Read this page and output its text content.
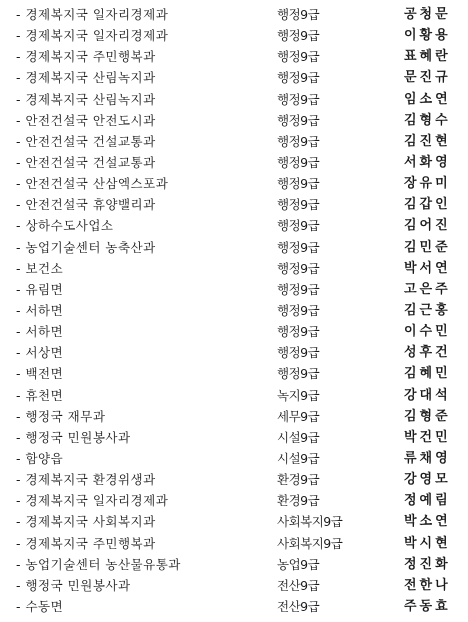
- 경제복지국 일자리경제과	행정9급	공청문
- 경제복지국 일자리경제과	행정9급	이황용
- 경제복지국 주민행복과	행정9급	표혜란
- 경제복지국 산림녹지과	행정9급	문진규
- 경제복지국 산림녹지과	행정9급	임소연
- 안전건설국 안전도시과	행정9급	김형수
- 안전건설국 건설교통과	행정9급	김진현
- 안전건설국 건설교통과	행정9급	서화영
- 안전건설국 산삼엑스포과	행정9급	장유미
- 안전건설국 휴양밸리과	행정9급	김갑인
- 상하수도사업소	행정9급	김어진
- 농업기술센터 농축산과	행정9급	김민준
- 보건소	행정9급	박서연
- 유림면	행정9급	고은주
- 서하면	행정9급	김근홍
- 서하면	행정9급	이수민
- 서상면	행정9급	성후건
- 백전면	행정9급	김혜민
- 휴천면	녹지9급	강대석
- 행정국 재무과	세무9급	김형준
- 행정국 민원봉사과	시설9급	박건민
- 함양읍	시설9급	류채영
- 경제복지국 환경위생과	환경9급	강영모
- 경제복지국 일자리경제과	환경9급	정예림
- 경제복지국 사회복지과	사회복지9급	박소연
- 경제복지국 주민행복과	사회복지9급	박시현
- 농업기술센터 농산물유통과	농업9급	정진화
- 행정국 민원봉사과	전산9급	전한나
- 수동면	전산9급	주동효
